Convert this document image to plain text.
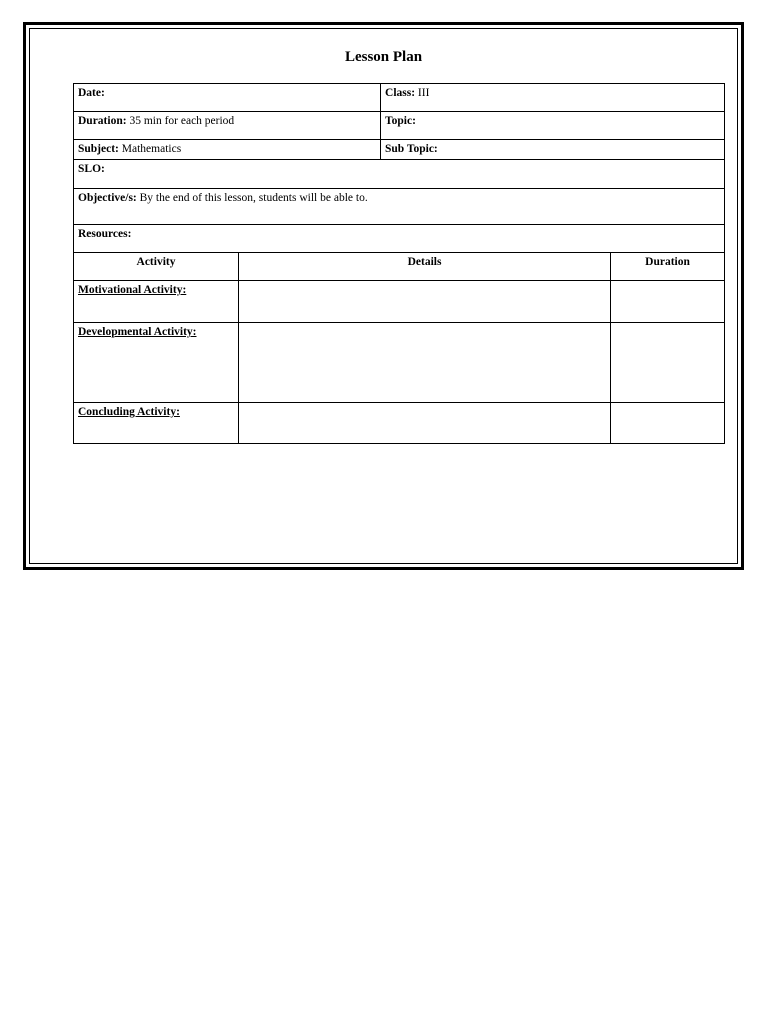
Lesson Plan
Date:		Class: III	
Duration: 35 min for each period		Topic:	
Subject: Mathematics		Sub Topic:	
SLO:			
Objective/s: By the end of this lesson, students will be able to.			
Resources:			
Activity	Details		Duration
Motivational Activity:			
Developmental Activity:			
Concluding Activity:			
